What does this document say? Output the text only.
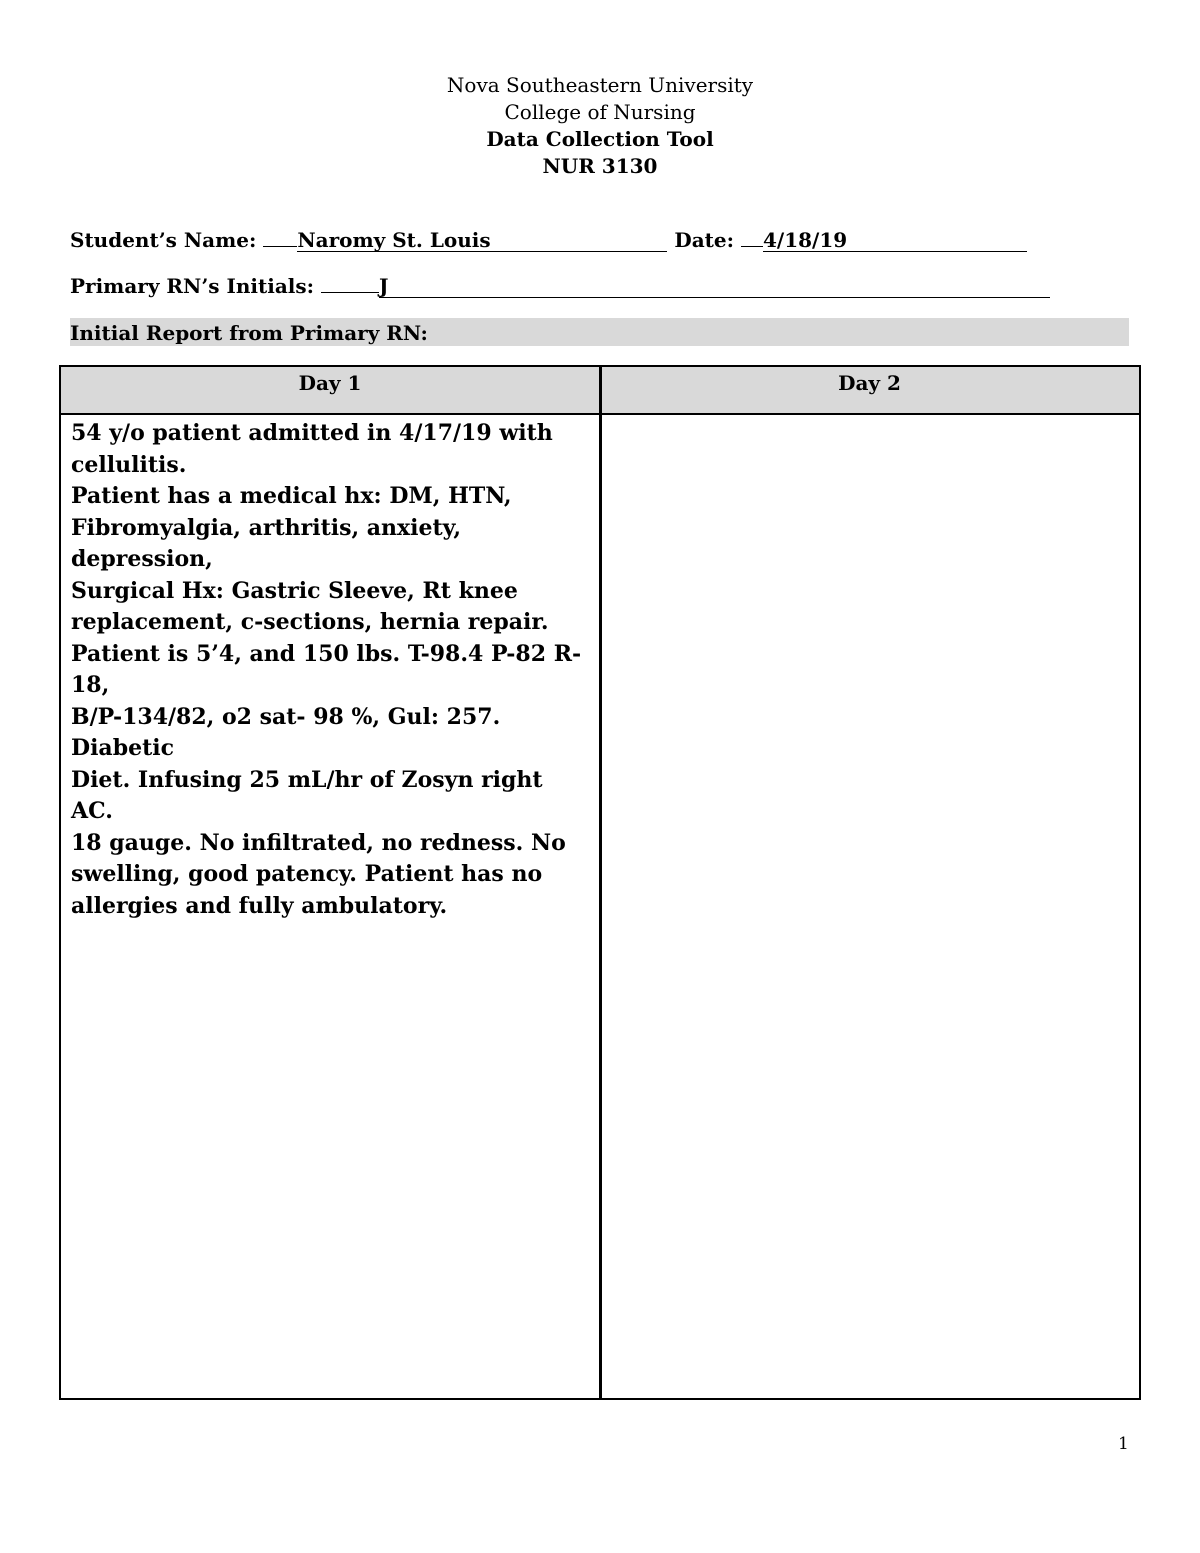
Nova Southeastern University
College of Nursing
Data Collection Tool
NUR 3130
Student’s Name: Naromy St. Louis	Date: 4/18/19
Primary RN’s Initials:	J
Initial Report from Primary RN:
Day 1	Day 2
54 y/o patient admitted in 4/17/19 with
cellulitis.
Patient has a medical hx: DM, HTN,
Fibromyalgia, arthritis, anxiety, depression,
Surgical Hx: Gastric Sleeve, Rt knee
replacement, c-sections, hernia repair.
Patient is 5’4, and 150 lbs. T-98.4 P-82 R-18,
B/P-134/82, o2 sat- 98 %, Gul: 257. Diabetic
Diet. Infusing 25 mL/hr of Zosyn right AC.
18 gauge. No infiltrated, no redness. No
swelling, good patency. Patient has no
allergies and fully ambulatory.
1
